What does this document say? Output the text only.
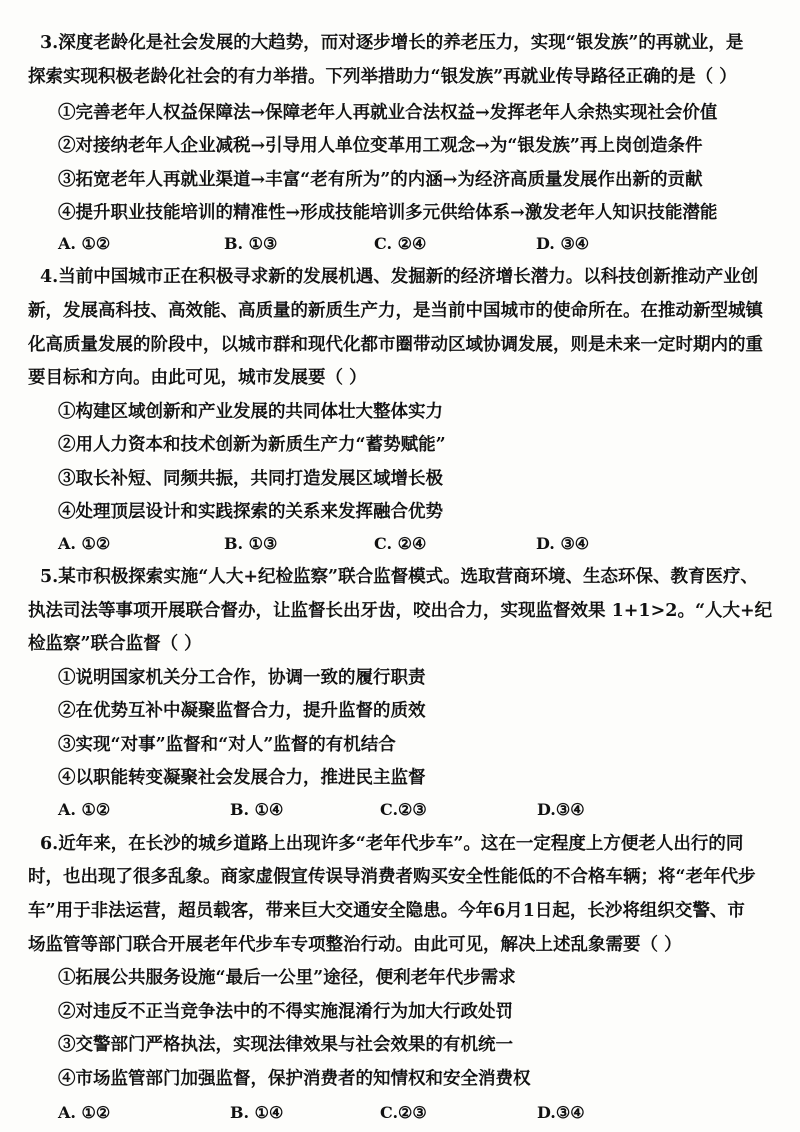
3.深度老龄化是社会发展的大趋势，而对逐步增长的养老压力，实现“银发族”的再就业，是
探索实现积极老龄化社会的有力举措。下列举措助力“银发族”再就业传导路径正确的是（ ）
①完善老年人权益保障法→保障老年人再就业合法权益→发挥老年人余热实现社会价值
②对接纳老年人企业减税→引导用人单位变革用工观念→为“银发族”再上岗创造条件
③拓宽老年人再就业渠道→丰富“老有所为”的内涵→为经济高质量发展作出新的贡献
④提升职业技能培训的精准性→形成技能培训多元供给体系→激发老年人知识技能潜能
A. ①②	B. ①③	C. ②④	D. ③④
4.当前中国城市正在积极寻求新的发展机遇、发掘新的经济增长潜力。以科技创新推动产业创
新，发展高科技、高效能、高质量的新质生产力，是当前中国城市的使命所在。在推动新型城镇
化高质量发展的阶段中，以城市群和现代化都市圈带动区域协调发展，则是未来一定时期内的重
要目标和方向。由此可见，城市发展要（ ）
①构建区域创新和产业发展的共同体壮大整体实力
②用人力资本和技术创新为新质生产力“蓄势赋能”
③取长补短、同频共振，共同打造发展区域增长极
④处理顶层设计和实践探索的关系来发挥融合优势
A. ①②	B. ①③	C. ②④	D. ③④
5.某市积极探索实施“人大+纪检监察”联合监督模式。选取营商环境、生态环保、教育医疗、
执法司法等事项开展联合督办，让监督长出牙齿，咬出合力，实现监督效果 1+1>2。“人大+纪
检监察”联合监督（ ）
①说明国家机关分工合作，协调一致的履行职责
②在优势互补中凝聚监督合力，提升监督的质效
③实现“对事”监督和“对人”监督的有机结合
④以职能转变凝聚社会发展合力，推进民主监督
A. ①②	B. ①④	C.②③	D.③④
6.近年来，在长沙的城乡道路上出现许多“老年代步车”。这在一定程度上方便老人出行的同
时，也出现了很多乱象。商家虚假宣传误导消费者购买安全性能低的不合格车辆；将“老年代步
车”用于非法运营，超员载客，带来巨大交通安全隐患。今年6月1日起，长沙将组织交警、市
场监管等部门联合开展老年代步车专项整治行动。由此可见，解决上述乱象需要（ ）
①拓展公共服务设施“最后一公里”途径，便利老年代步需求
②对违反不正当竞争法中的不得实施混淆行为加大行政处罚
③交警部门严格执法，实现法律效果与社会效果的有机统一
④市场监管部门加强监督，保护消费者的知情权和安全消费权
A. ①②	B. ①④	C.②③	D.③④
